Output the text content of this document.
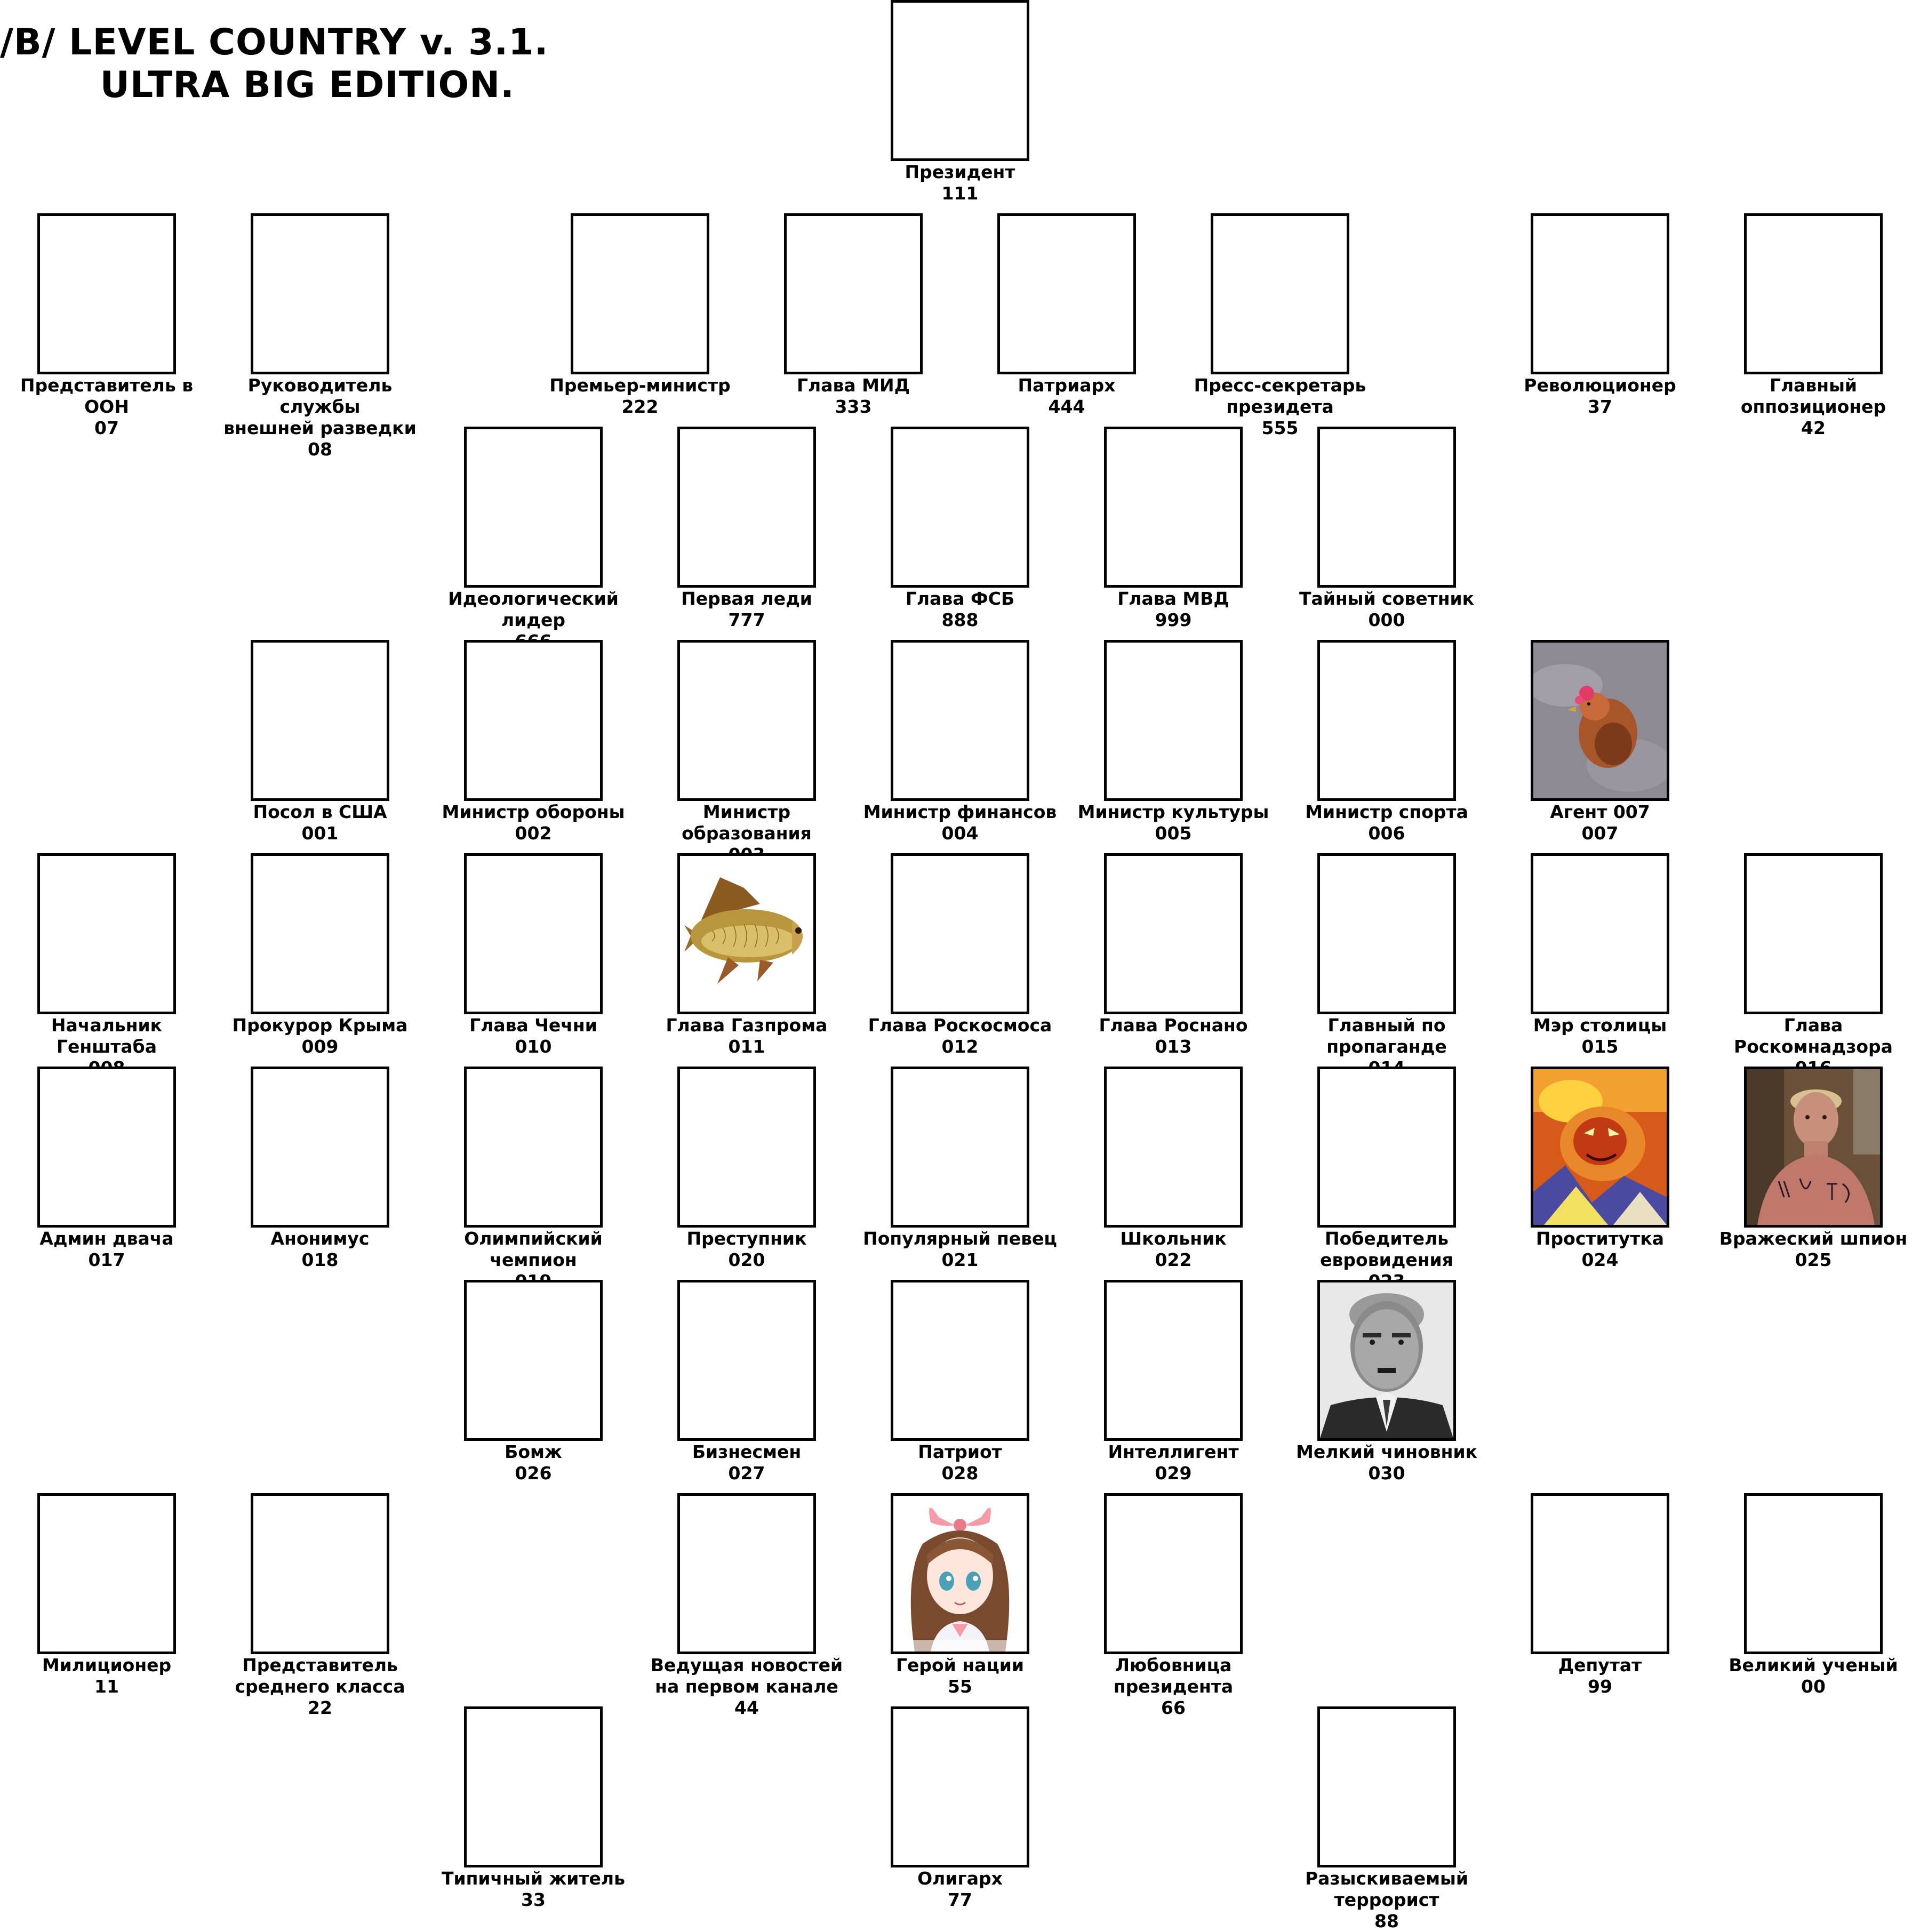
/B/ LEVEL COUNTRY v. 3.1.
ULTRA BIG EDITION.
Президент
111
Представитель в ООН
07
Руководитель службы
внешней разведки
08
Премьер-министр
222
Глава МИД
333
Патриарх
444
Пресс-секретарь президета
555
Революционер
37
Главный
оппозиционер
42
Идеологический лидер
Первая леди
777
Глава ФСБ
888
Глава МВД
999
Тайный советник
000
Посол в США
001
Министр обороны
002
Министр образования
Министр финансов
004
Министр культуры
005
Министр спорта
006
Агент 007
007
Начальник Генштаба
Прокурор Крыма
009
Глава Чечни
010
Глава Газпрома
011
Глава Роскосмоса
012
Глава Роснано
013
Главный по пропаганде
Мэр столицы
015
Глава Роскомнадзора
Админ двача
017
Анонимус
018
Олимпийский чемпион
Преступник
020
Популярный певец
021
Школьник
022
Победитель евровидения
Проститутка
024
Вражеский шпион
025
Бомж
026
Бизнесмен
027
Патриот
028
Интеллигент
029
Мелкий чиновник
030
Милиционер
11
Представитель
среднего класса
22
Ведущая новостей
на первом канале
44
Герой нации
55
Любовница президента
66
Депутат
99
Великий ученый
00
Типичный житель
33
Олигарх
77
Разыскиваемый террорист
88
